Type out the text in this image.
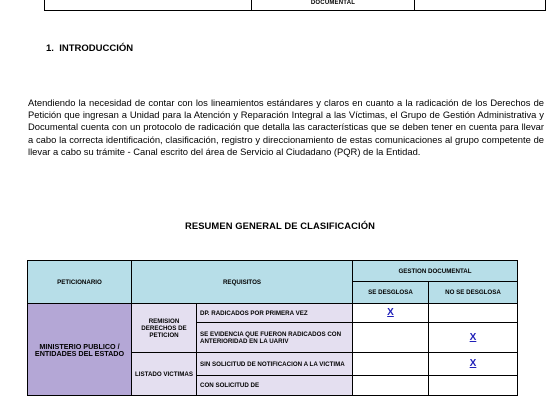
DOCUMENTAL
1. INTRODUCCIÓN
Atendiendo la necesidad de contar con los lineamientos estándares y claros en cuanto a la radicación de los Derechos de Petición que ingresan a Unidad para la Atención y Reparación Integral a las Víctimas, el Grupo de Gestión Administrativa y Documental cuenta con un protocolo de radicación que detalla las características que se deben tener en cuenta para llevar a cabo la correcta identificación, clasificación, registro y direccionamiento de estas comunicaciones al grupo competente de llevar a cabo su trámite - Canal escrito del área de Servicio al Ciudadano (PQR) de la Entidad.
RESUMEN GENERAL DE CLASIFICACIÓN
PETICIONARIO	REQUISITOS		GESTION DOCUMENTAL	
			SE DESGLOSA	NO SE DESGLOSA
MINISTERIO PUBLICO / ENTIDADES DEL ESTADO	REMISION DERECHOS DE PETICION	DP. RADICADOS POR PRIMERA VEZ	X	
		SE EVIDENCIA QUE FUERON RADICADOS CON ANTERIORIDAD EN LA UARIV		X
	LISTADO VICTIMAS	SIN SOLICITUD DE NOTIFICACION A LA VICTIMA		X
		CON SOLICITUD DE		
